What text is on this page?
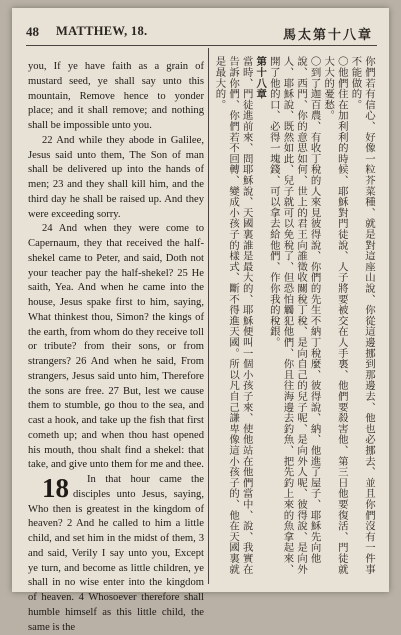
48 MATTHEW, 18.	馬太第十八章

you, If ye have faith as a grain of mustard seed, ye shall say unto this mountain, Remove hence to yonder place; and it shall remove; and nothing shall be impossible unto you.

22 And while they abode in Galilee, Jesus said unto them, The Son of man shall be delivered up into the hands of men; 23 and they shall kill him, and the third day he shall be raised up. And they were exceeding sorry.

24 And when they were come to Capernaum, they that received the half-shekel came to Peter, and said, Doth not your teacher pay the half-shekel? 25 He saith, Yea. And when he came into the house, Jesus spake first to him, saying, What thinkest thou, Simon? the kings of the earth, from whom do they receive toll or tribute? from their sons, or from strangers? 26 And when he said, From strangers, Jesus said unto him, Therefore the sons are free. 27 But, lest we cause them to stumble, go thou to the sea, and cast a hook, and take up the fish that first cometh up; and when thou hast opened his mouth, thou shalt find a shekel: that take, and give unto them for me and thee.

18 In that hour came the disciples unto Jesus, saying, Who then is greatest in the kingdom of heaven? 2 And he called to him a little child, and set him in the midst of them, 3 and said, Verily I say unto you, Except ye turn, and become as little children, ye shall in no wise enter into the kingdom of heaven. 4 Whosoever therefore shall humble himself as this little child, the same is the

你們若有信心、好像一粒芥菜種、就是對這座山說、你從這邊挪到那邊去、他也必挪去、並且你們沒有一件事不能做的。

〇他們住在加利利的時候、耶穌對門徒說、人子將要被交在人手裏、他們要殺害他、第三日他要復活、門徒就大大的憂愁。

〇到了迦百農、有收丁稅的人來見彼得說、你們的先生不納丁稅麼、彼得說、納、他進了屋子、耶穌先向他說、西門、你的意思如何、世上的君王向誰徵收關稅丁稅、是向自己的兒子呢、是向外人呢、彼得說、是向外人、耶穌說、既然如此、兒子就可以免稅了、但恐怕觸犯他們、你且往海邊去釣魚、把先釣上來的魚拿起來、開了他的口、必得一塊錢、可以拿去給他們、作你我的稅銀。

第十八章

當時、門徒進前來、問耶穌說、天國裏誰是最大的、耶穌便叫一個小孩子來、使他站在他們當中、說、我實在告訴你們、你們若不回轉、變成小孩子的樣式、斷不得進天國。所以凡自己謙卑像這小孩子的、他在天國裏就是最大的。
